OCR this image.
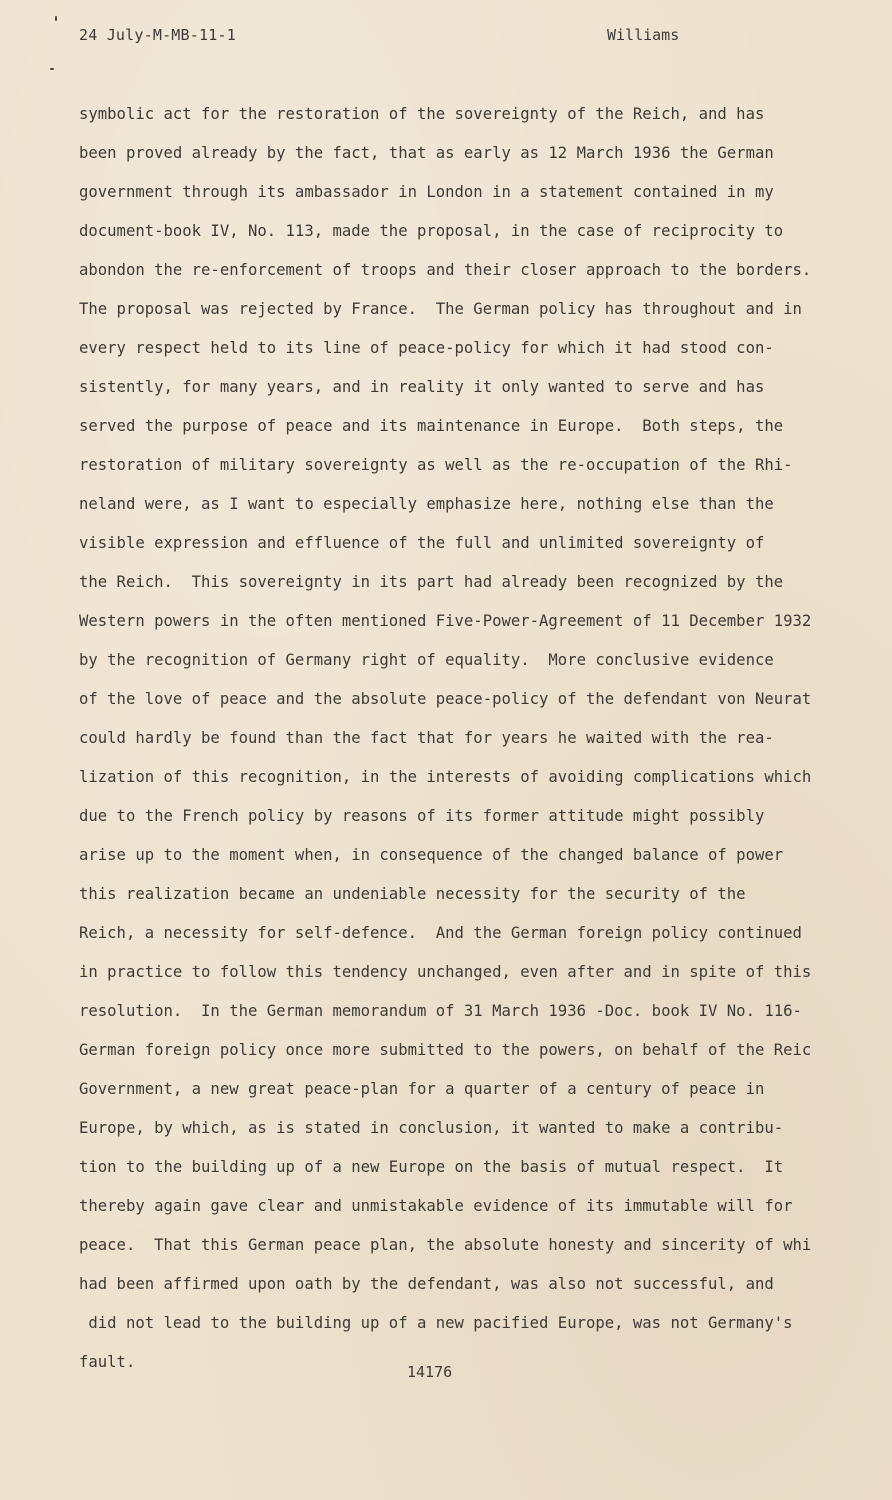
24 July-M-MB-11-1	Williams
symbolic act for the restoration of the sovereignty of the Reich, and has
been proved already by the fact, that as early as 12 March 1936 the German
government through its ambassador in London in a statement contained in my
document-book IV, No. 113, made the proposal, in the case of reciprocity to
abondon the re-enforcement of troops and their closer approach to the borders.
The proposal was rejected by France.  The German policy has throughout and in
every respect held to its line of peace-policy for which it had stood con-
sistently, for many years, and in reality it only wanted to serve and has
served the purpose of peace and its maintenance in Europe.  Both steps, the
restoration of military sovereignty as well as the re-occupation of the Rhi-
neland were, as I want to especially emphasize here, nothing else than the
visible expression and effluence of the full and unlimited sovereignty of
the Reich.  This sovereignty in its part had already been recognized by the
Western powers in the often mentioned Five-Power-Agreement of 11 December 1932
by the recognition of Germany right of equality.  More conclusive evidence
of the love of peace and the absolute peace-policy of the defendant von Neurat
could hardly be found than the fact that for years he waited with the rea-
lization of this recognition, in the interests of avoiding complications which
due to the French policy by reasons of its former attitude might possibly
arise up to the moment when, in consequence of the changed balance of power
this realization became an undeniable necessity for the security of the
Reich, a necessity for self-defence.  And the German foreign policy continued
in practice to follow this tendency unchanged, even after and in spite of this
resolution.  In the German memorandum of 31 March 1936 -Doc. book IV No. 116-
German foreign policy once more submitted to the powers, on behalf of the Reic
Government, a new great peace-plan for a quarter of a century of peace in
Europe, by which, as is stated in conclusion, it wanted to make a contribu-
tion to the building up of a new Europe on the basis of mutual respect.  It
thereby again gave clear and unmistakable evidence of its immutable will for
peace.  That this German peace plan, the absolute honesty and sincerity of whi
had been affirmed upon oath by the defendant, was also not successful, and
did not lead to the building up of a new pacified Europe, was not Germany's
fault.
14176
